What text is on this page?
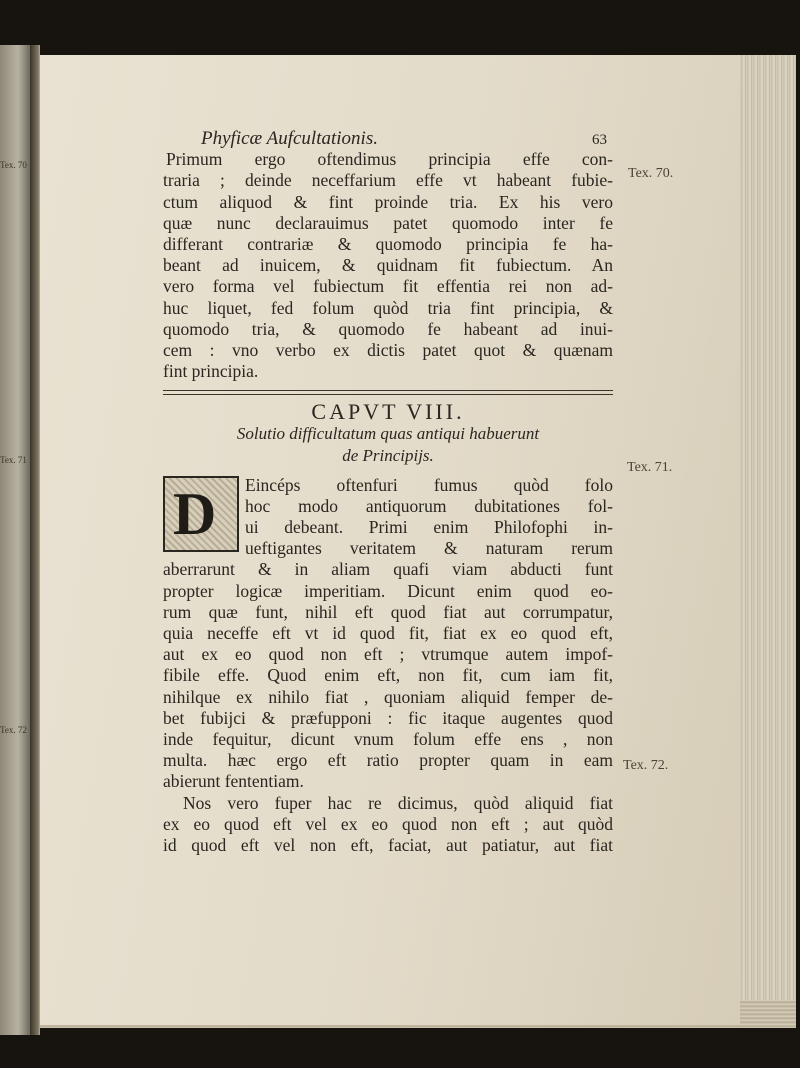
Tex. 70
Tex. 71
Tex. 72
Phyficæ Aufcultationis.	63
Primum ergo oftendimus principia effe con-
traria ; deinde neceffarium effe vt habeant fubie-
ctum aliquod & fint proinde tria. Ex his vero
quæ nunc declarauimus patet quomodo inter fe
differant contrariæ & quomodo principia fe ha-
beant ad inuicem, & quidnam fit fubiectum. An
vero forma vel fubiectum fit effentia rei non ad-
huc liquet, fed folum quòd tria fint principia, &
quomodo tria, & quomodo fe habeant ad inui-
cem : vno verbo ex dictis patet quot & quænam
fint principia.
CAPVT VIII.
Solutio difficultatum quas antiqui habuerunt
de Principijs.
D Eincéps oftenfuri fumus quòd folo
hoc modo antiquorum dubitationes fol-
ui debeant. Primi enim Philofophi in-
ueftigantes veritatem & naturam rerum
aberrarunt & in aliam quafi viam abducti funt
propter logicæ imperitiam. Dicunt enim quod eo-
rum quæ funt, nihil eft quod fiat aut corrumpatur,
quia neceffe eft vt id quod fit, fiat ex eo quod eft,
aut ex eo quod non eft ; vtrumque autem impof-
fibile effe. Quod enim eft, non fit, cum iam fit,
nihilque ex nihilo fiat , quoniam aliquid femper de-
bet fubijci & præfupponi : fic itaque augentes quod
inde fequitur, dicunt vnum folum effe ens , non
multa. hæc ergo eft ratio propter quam in eam
abierunt fententiam.
Nos vero fuper hac re dicimus, quòd aliquid fiat
ex eo quod eft vel ex eo quod non eft ; aut quòd
id quod eft vel non eft, faciat, aut patiatur, aut fiat
Tex. 70.
Tex. 71.
Tex. 72.
